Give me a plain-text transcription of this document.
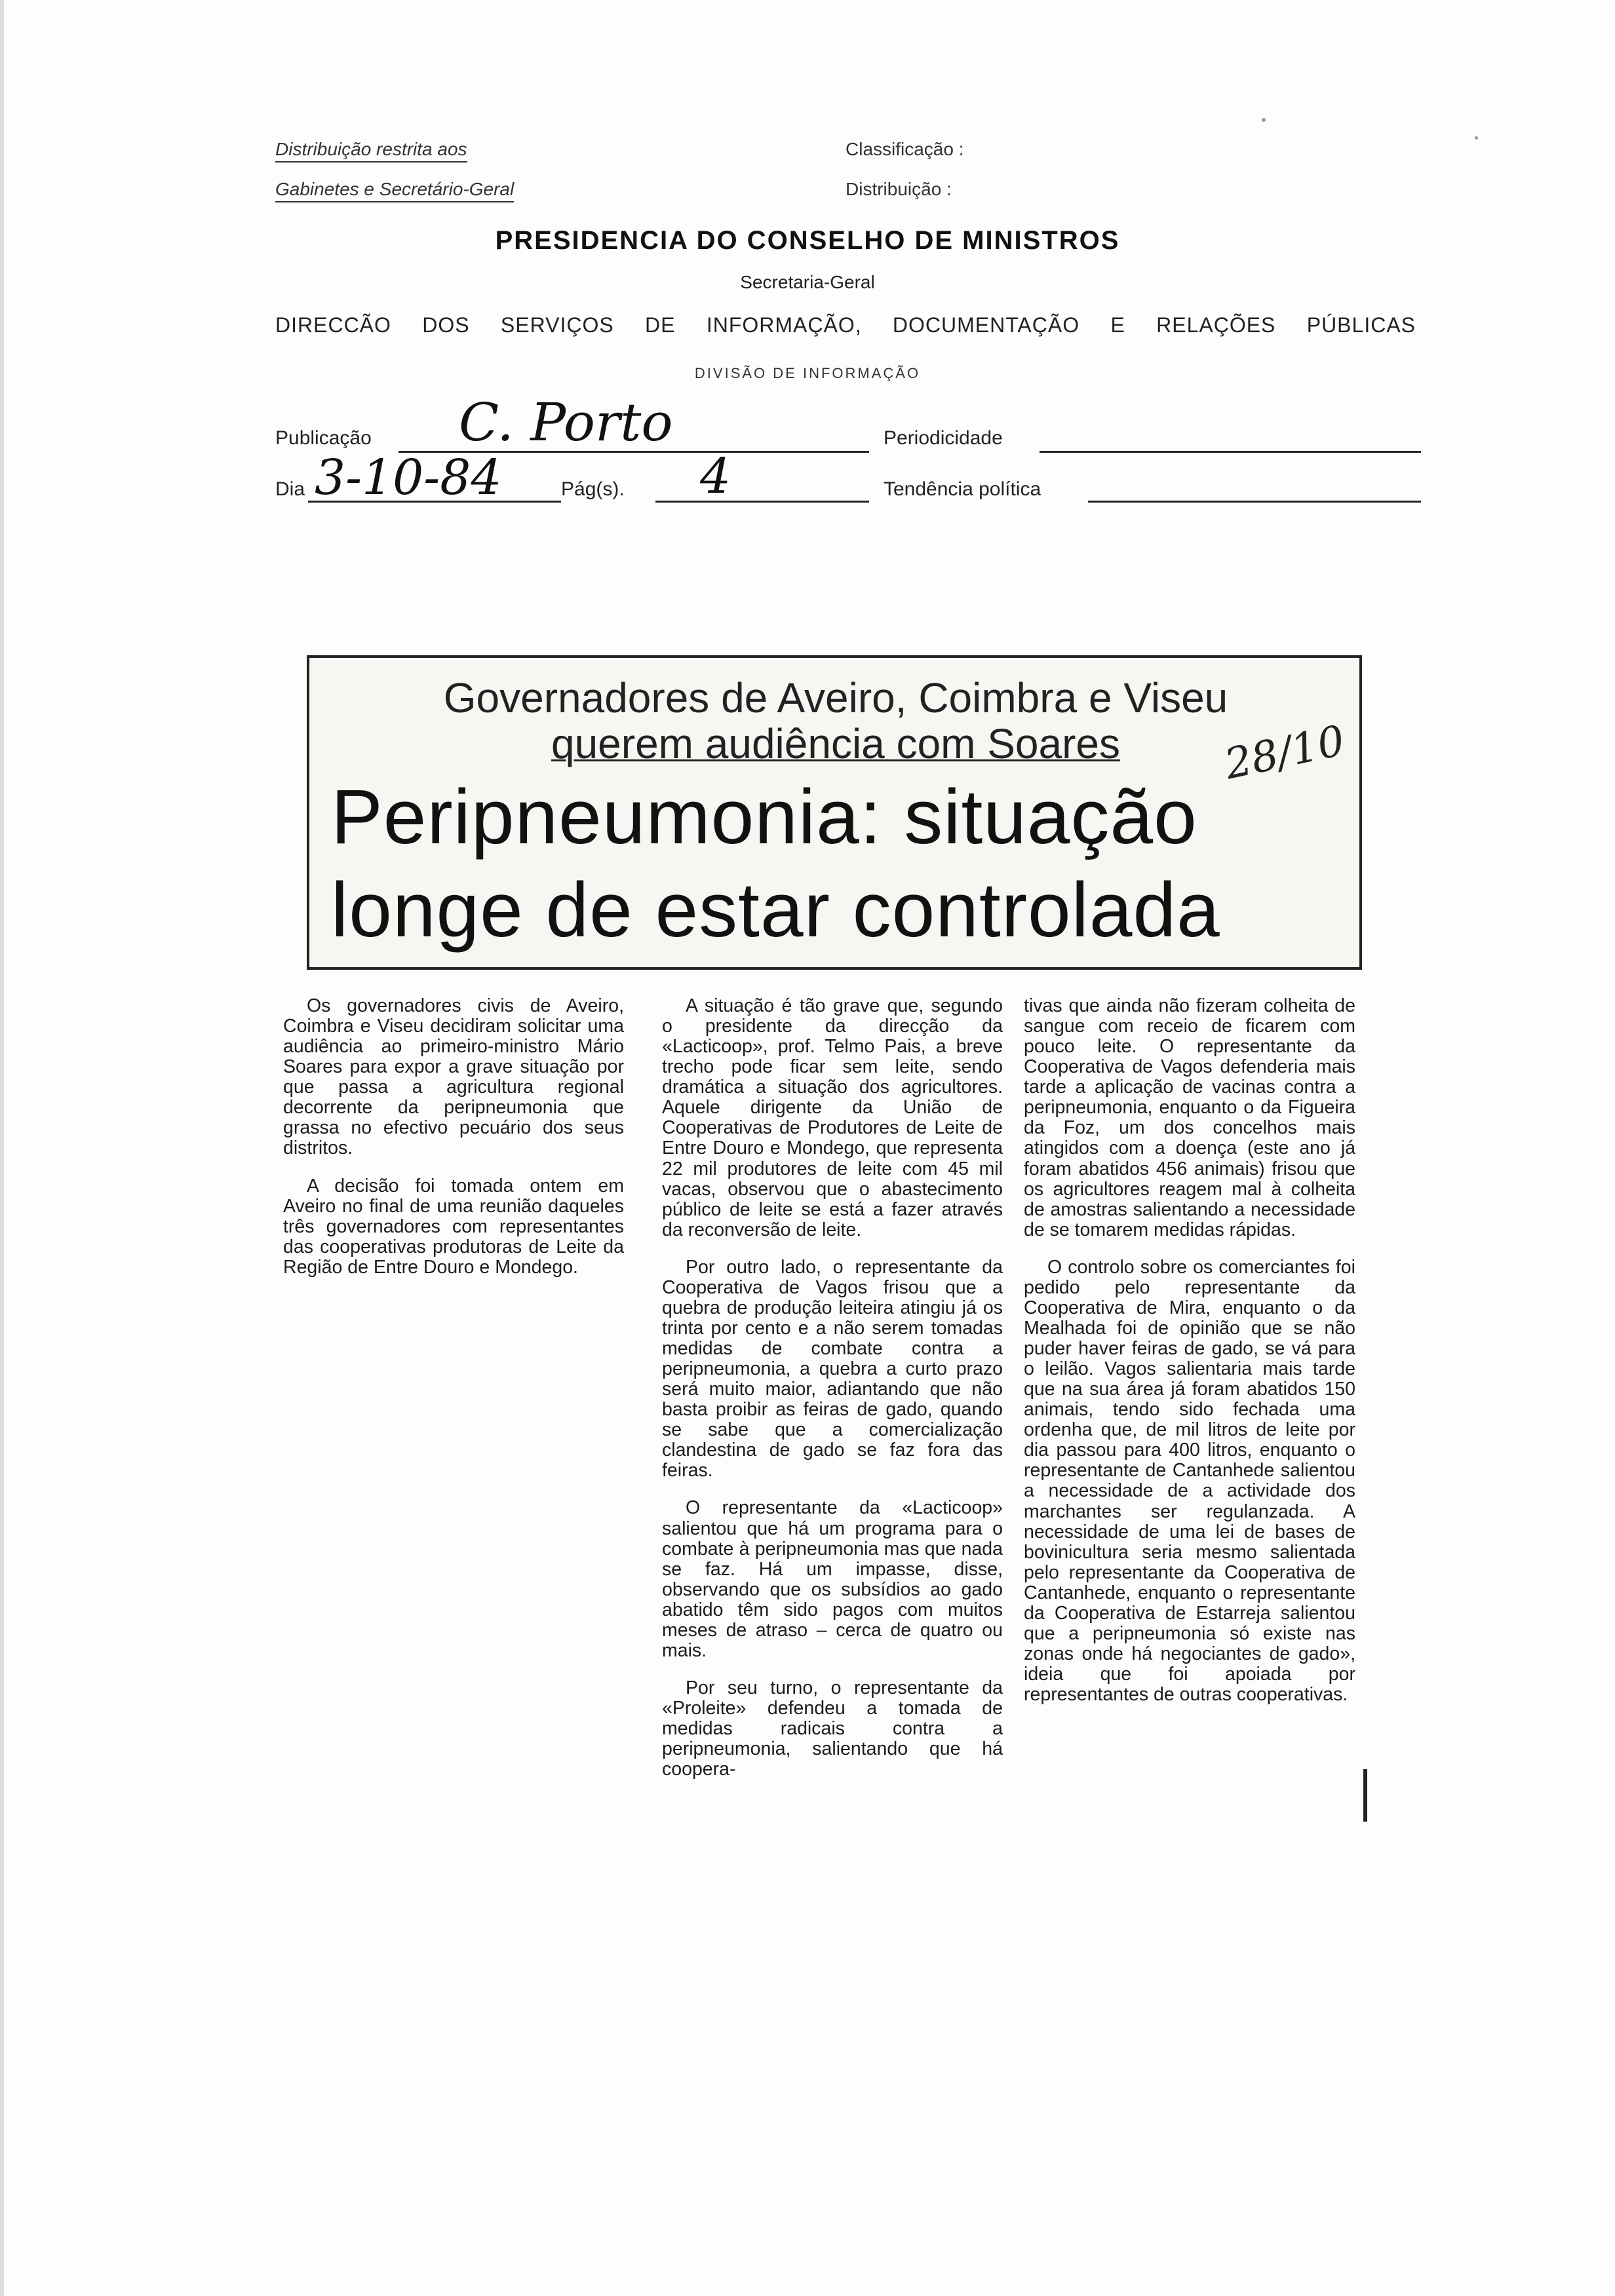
Distribuição restrita aos
Gabinetes e Secretário-Geral
Classificação :
Distribuição :
PRESIDENCIA DO CONSELHO DE MINISTROS
Secretaria-Geral
DIRECCÃO DOS SERVIÇOS DE INFORMAÇÃO, DOCUMENTAÇÃO E RELAÇÕES PÚBLICAS
DIVISÃO DE INFORMAÇÃO
Publicação C. Porto	Periodicidade
Dia 3-10-84	Pág(s). 4	Tendência política
Governadores de Aveiro, Coimbra e Viseu
querem audiência com Soares
Peripneumonia: situação
longe de estar controlada
28/10

Os governadores civis de Aveiro, Coimbra e Viseu decidiram solicitar uma audiência ao primeiro-ministro Mário Soares para expor a grave situação por que passa a agricultura regional decorrente da peripneumonia que grassa no efectivo pecuário dos seus distritos.

A decisão foi tomada ontem em Aveiro no final de uma reunião daqueles três governadores com representantes das cooperativas produtoras de Leite da Região de Entre Douro e Mondego.

A situação é tão grave que, segundo o presidente da direcção da «Lacticoop», prof. Telmo Pais, a breve trecho pode ficar sem leite, sendo dramática a situação dos agricultores. Aquele dirigente da União de Cooperativas de Produtores de Leite de Entre Douro e Mondego, que representa 22 mil produtores de leite com 45 mil vacas, observou que o abastecimento público de leite se está a fazer através da reconversão de leite.

Por outro lado, o representante da Cooperativa de Vagos frisou que a quebra de produção leiteira atingiu já os trinta por cento e a não serem tomadas medidas de combate contra a peripneumonia, a quebra a curto prazo será muito maior, adiantando que não basta proibir as feiras de gado, quando se sabe que a comercialização clandestina de gado se faz fora das feiras.

O representante da «Lacticoop» salientou que há um programa para o combate à peripneumonia mas que nada se faz. Há um impasse, disse, observando que os subsídios ao gado abatido têm sido pagos com muitos meses de atraso – cerca de quatro ou mais.

Por seu turno, o representante da «Proleite» defendeu a tomada de medidas radicais contra a peripneumonia, salientando que há coopera-

tivas que ainda não fizeram colheita de sangue com receio de ficarem com pouco leite. O representante da Cooperativa de Vagos defenderia mais tarde a aplicação de vacinas contra a peripneumonia, enquanto o da Figueira da Foz, um dos concelhos mais atingidos com a doença (este ano já foram abatidos 456 animais) frisou que os agricultores reagem mal à colheita de amostras salientando a necessidade de se tomarem medidas rápidas.

O controlo sobre os comerciantes foi pedido pelo representante da Cooperativa de Mira, enquanto o da Mealhada foi de opinião que se não puder haver feiras de gado, se vá para o leilão. Vagos salientaria mais tarde que na sua área já foram abatidos 150 animais, tendo sido fechada uma ordenha que, de mil litros de leite por dia passou para 400 litros, enquanto o representante de Cantanhede salientou a necessidade de a actividade dos marchantes ser regulanzada. A necessidade de uma lei de bases de bovinicultura seria mesmo salientada pelo representante da Cooperativa de Cantanhede, enquanto o representante da Cooperativa de Estarreja salientou que a peripneumonia só existe nas zonas onde há negociantes de gado», ideia que foi apoiada por representantes de outras cooperativas.
